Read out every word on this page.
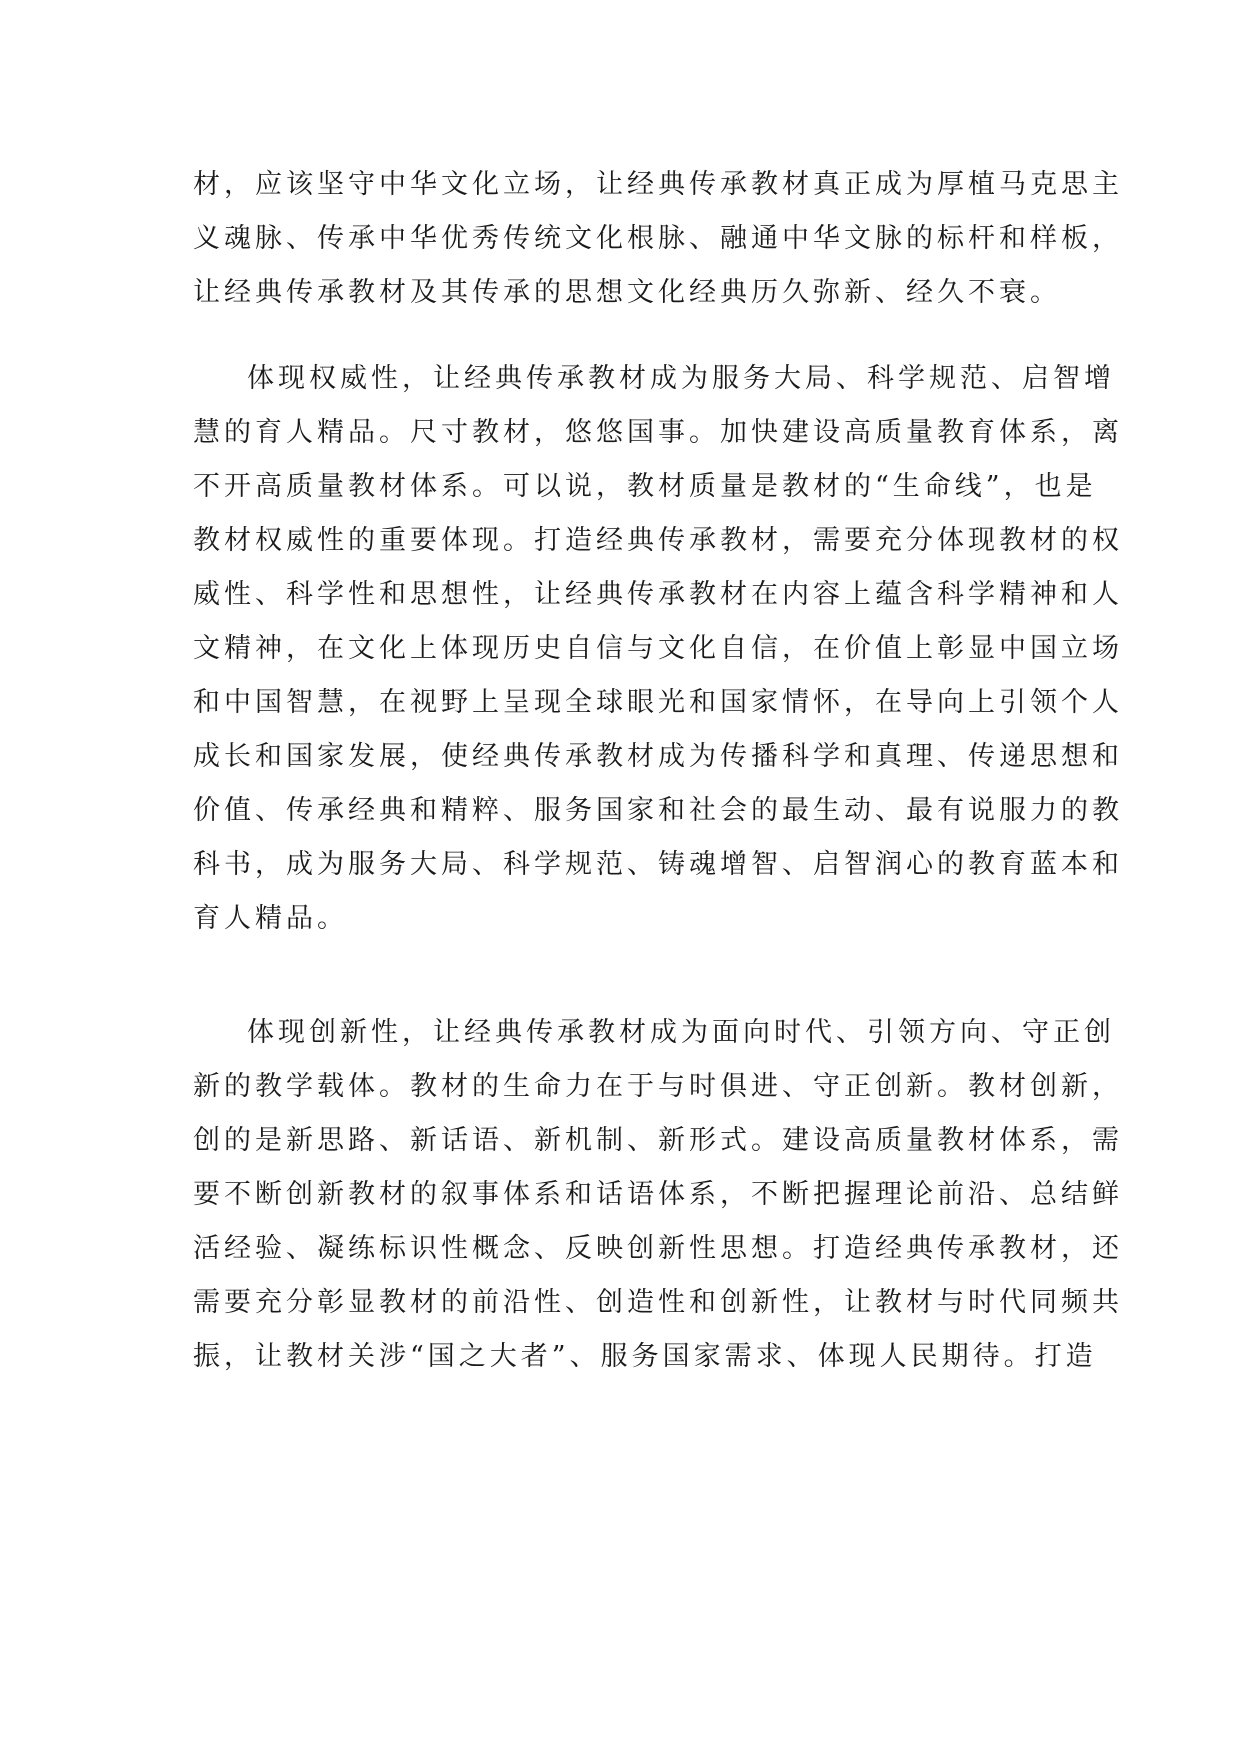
材，应该坚守中华文化立场，让经典传承教材真正成为厚植马克思主
义魂脉、传承中华优秀传统文化根脉、融通中华文脉的标杆和样板，
让经典传承教材及其传承的思想文化经典历久弥新、经久不衰。
体现权威性，让经典传承教材成为服务大局、科学规范、启智增
慧的育人精品。尺寸教材，悠悠国事。加快建设高质量教育体系，离
不开高质量教材体系。可以说，教材质量是教材的“生命线”，也是
教材权威性的重要体现。打造经典传承教材，需要充分体现教材的权
威性、科学性和思想性，让经典传承教材在内容上蕴含科学精神和人
文精神，在文化上体现历史自信与文化自信，在价值上彰显中国立场
和中国智慧，在视野上呈现全球眼光和国家情怀，在导向上引领个人
成长和国家发展，使经典传承教材成为传播科学和真理、传递思想和
价值、传承经典和精粹、服务国家和社会的最生动、最有说服力的教
科书，成为服务大局、科学规范、铸魂增智、启智润心的教育蓝本和
育人精品。
体现创新性，让经典传承教材成为面向时代、引领方向、守正创
新的教学载体。教材的生命力在于与时俱进、守正创新。教材创新，
创的是新思路、新话语、新机制、新形式。建设高质量教材体系，需
要不断创新教材的叙事体系和话语体系，不断把握理论前沿、总结鲜
活经验、凝练标识性概念、反映创新性思想。打造经典传承教材，还
需要充分彰显教材的前沿性、创造性和创新性，让教材与时代同频共
振，让教材关涉“国之大者”、服务国家需求、体现人民期待。打造
